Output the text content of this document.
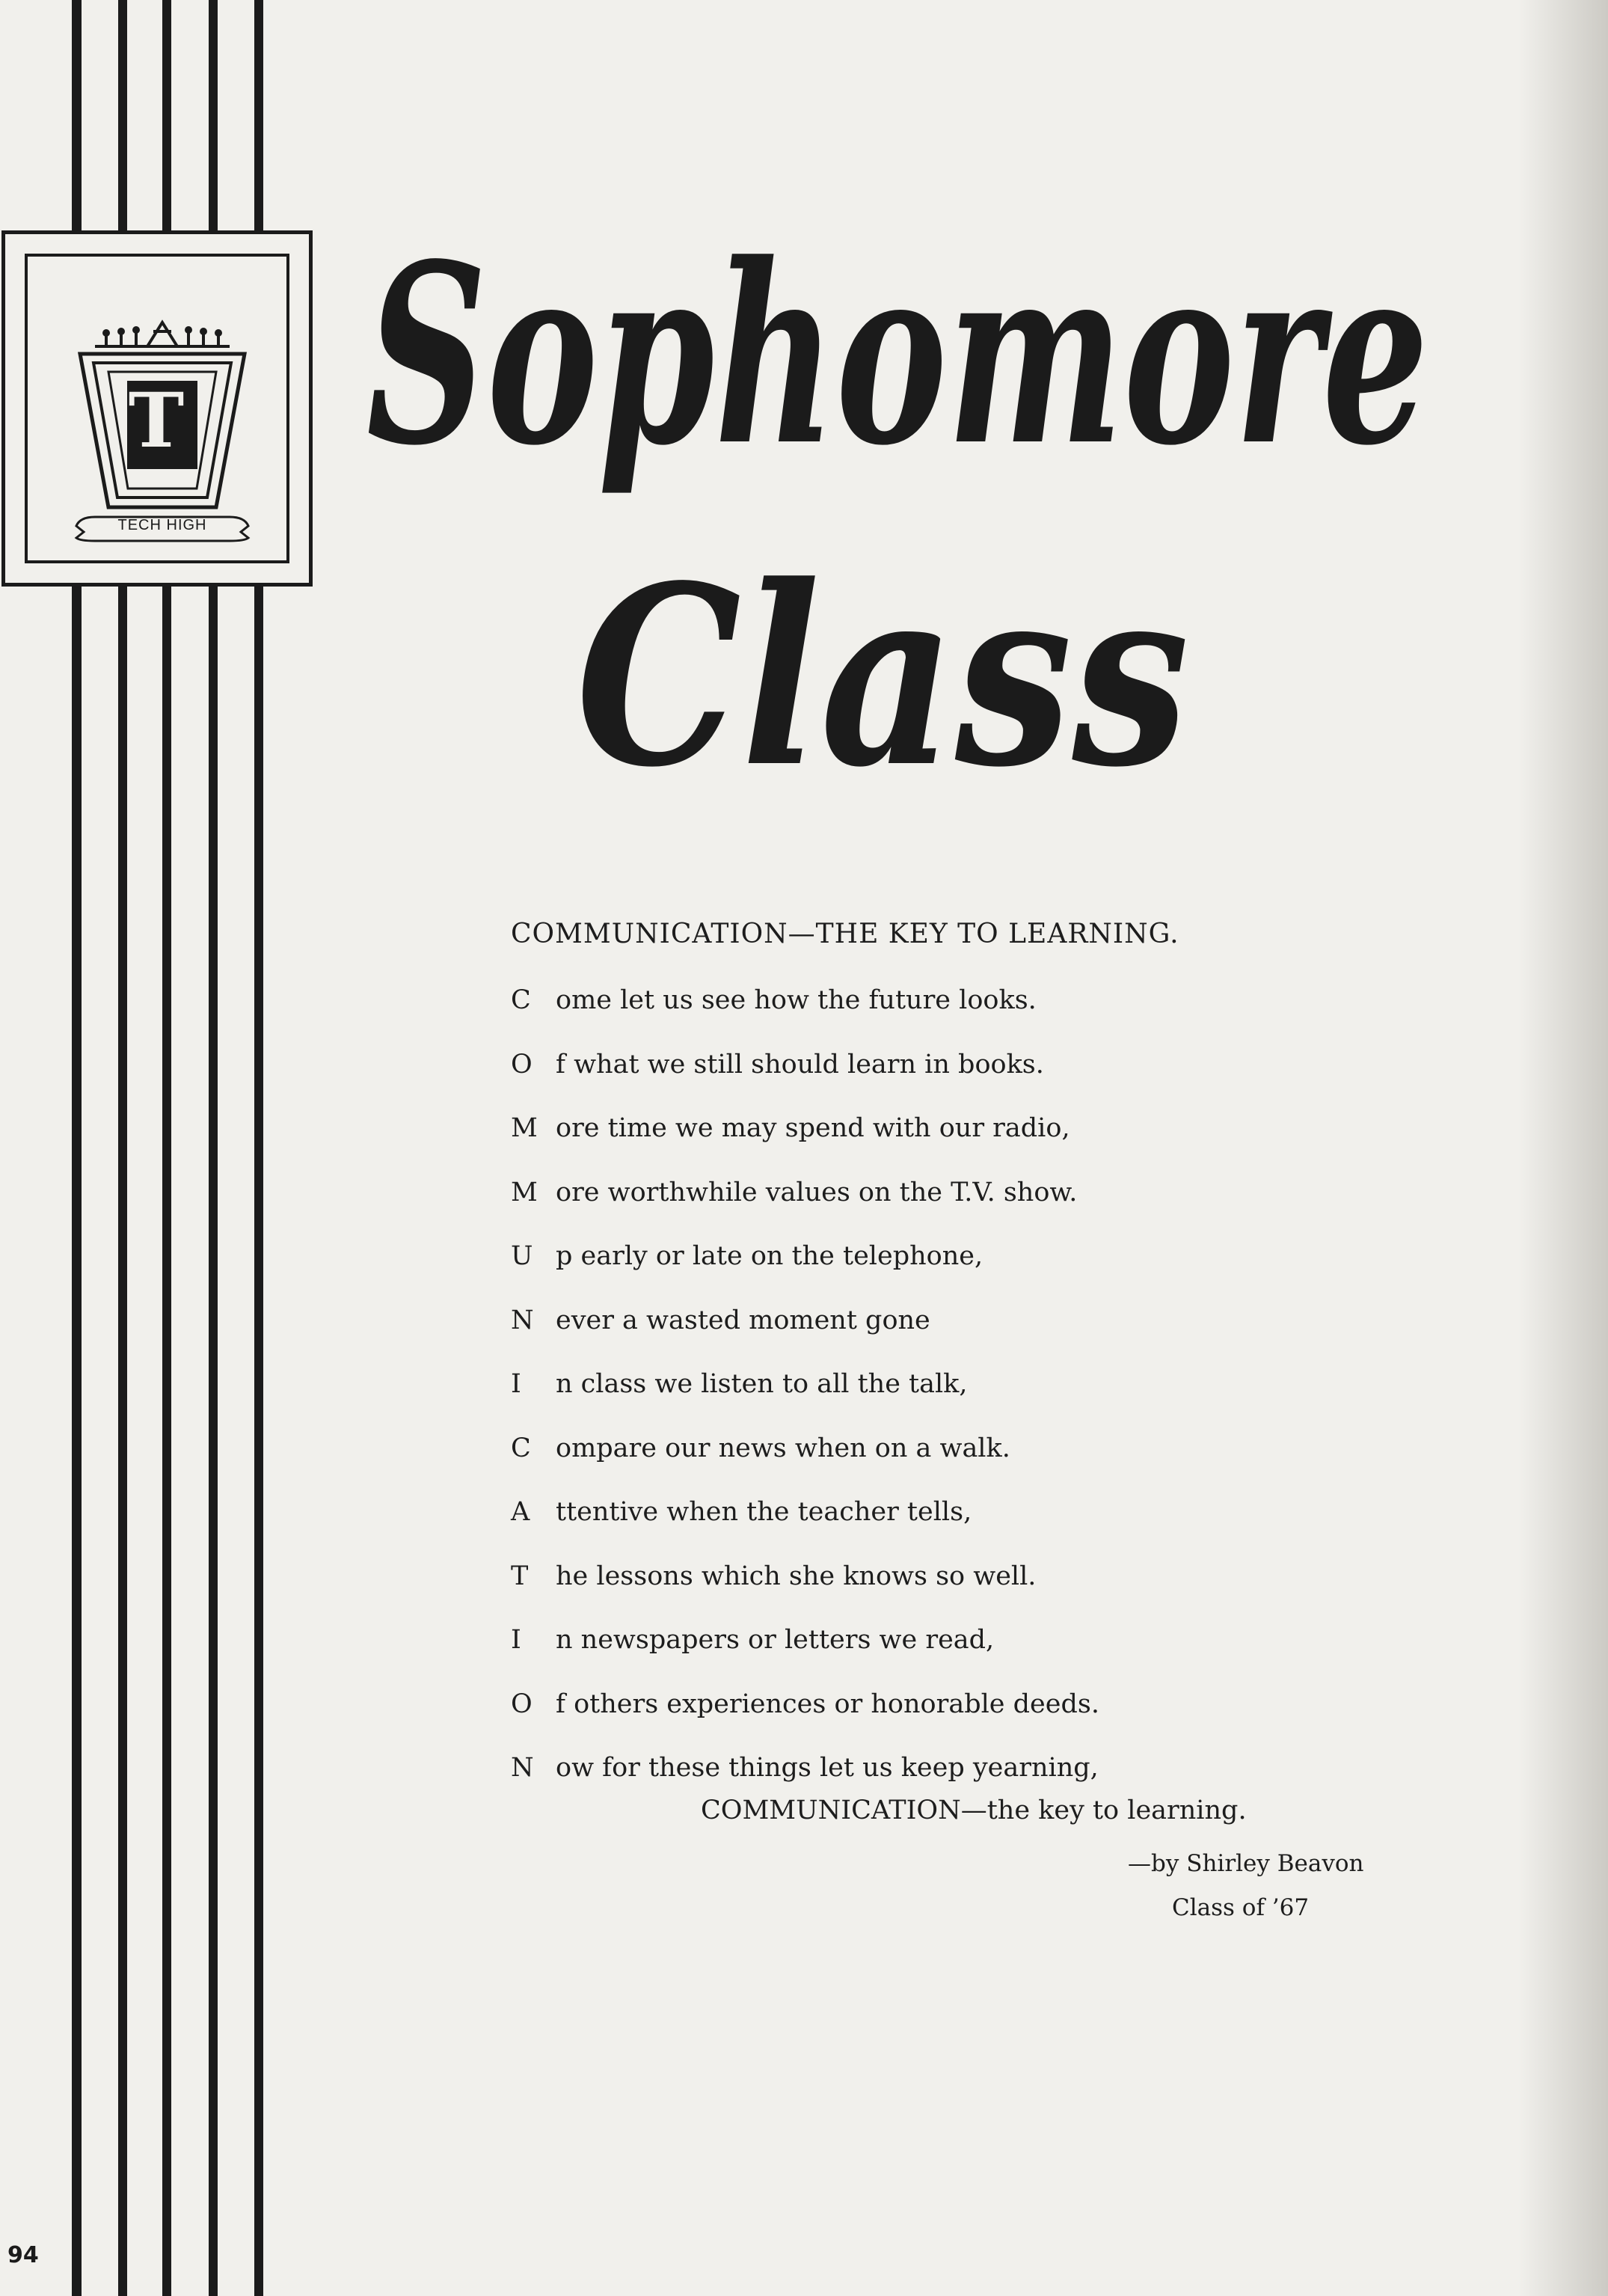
T
TECH HIGH
Sophomore
Class
COMMUNICATION—THE KEY TO LEARNING.
C ome let us see how the future looks.
O f what we still should learn in books.
M ore time we may spend with our radio,
M ore worthwhile values on the T.V. show.
U p early or late on the telephone,
N ever a wasted moment gone
I n class we listen to all the talk,
C ompare our news when on a walk.
A ttentive when the teacher tells,
T he lessons which she knows so well.
I n newspapers or letters we read,
O f others experiences or honorable deeds.
N ow for these things let us keep yearning,
COMMUNICATION—the key to learning.
—by Shirley Beavon
Class of ’67
94
